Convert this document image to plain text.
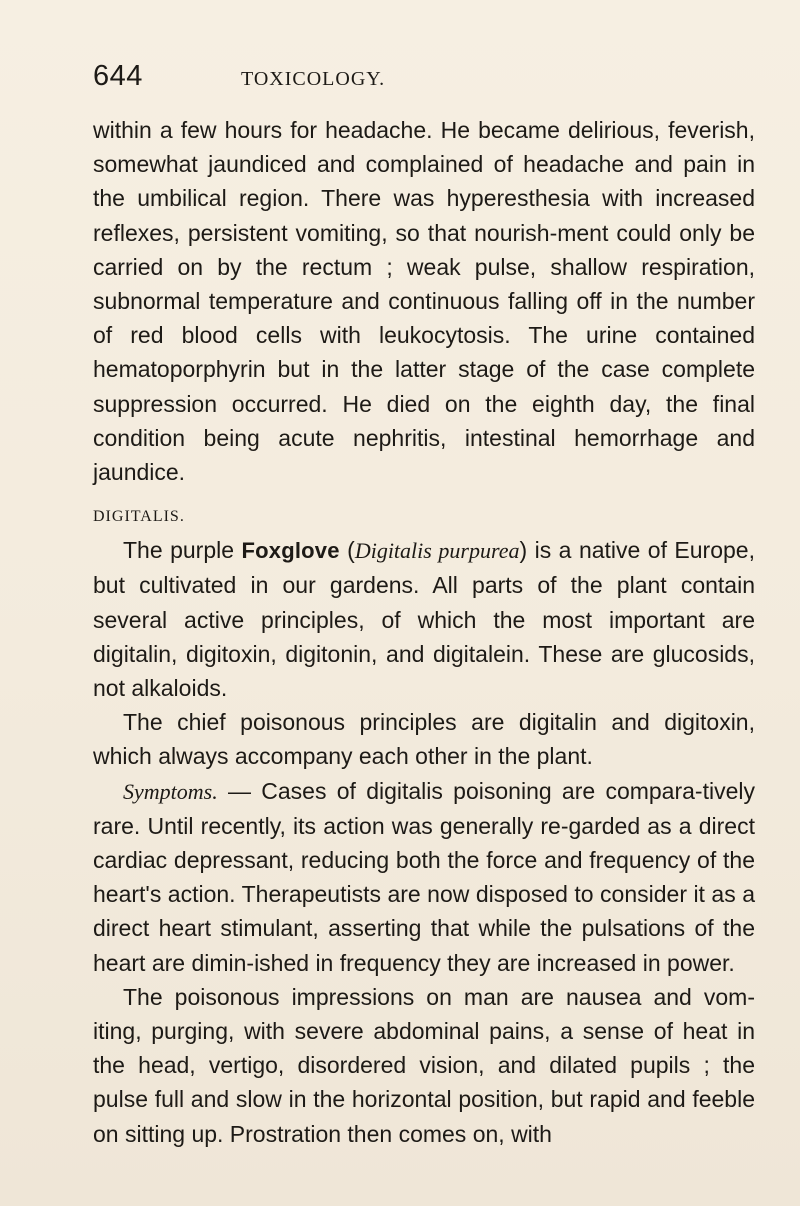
644	TOXICOLOGY.

within a few hours for headache. He became delirious, feverish, somewhat jaundiced and complained of headache and pain in the umbilical region. There was hyperesthesia with increased reflexes, persistent vomiting, so that nourish-ment could only be carried on by the rectum ; weak pulse, shallow respiration, subnormal temperature and continuous falling off in the number of red blood cells with leukocytosis. The urine contained hematoporphyrin but in the latter stage of the case complete suppression occurred. He died on the eighth day, the final condition being acute nephritis, intestinal hemorrhage and jaundice.

DIGITALIS.

The purple Foxglove (Digitalis purpurea) is a native of Europe, but cultivated in our gardens. All parts of the plant contain several active principles, of which the most important are digitalin, digitoxin, digitonin, and digitalein. These are glucosids, not alkaloids.

The chief poisonous principles are digitalin and digitoxin, which always accompany each other in the plant.

Symptoms. — Cases of digitalis poisoning are compara-tively rare. Until recently, its action was generally re-garded as a direct cardiac depressant, reducing both the force and frequency of the heart's action. Therapeutists are now disposed to consider it as a direct heart stimulant, asserting that while the pulsations of the heart are dimin-ished in frequency they are increased in power.

The poisonous impressions on man are nausea and vom-iting, purging, with severe abdominal pains, a sense of heat in the head, vertigo, disordered vision, and dilated pupils ; the pulse full and slow in the horizontal position, but rapid and feeble on sitting up. Prostration then comes on, with
